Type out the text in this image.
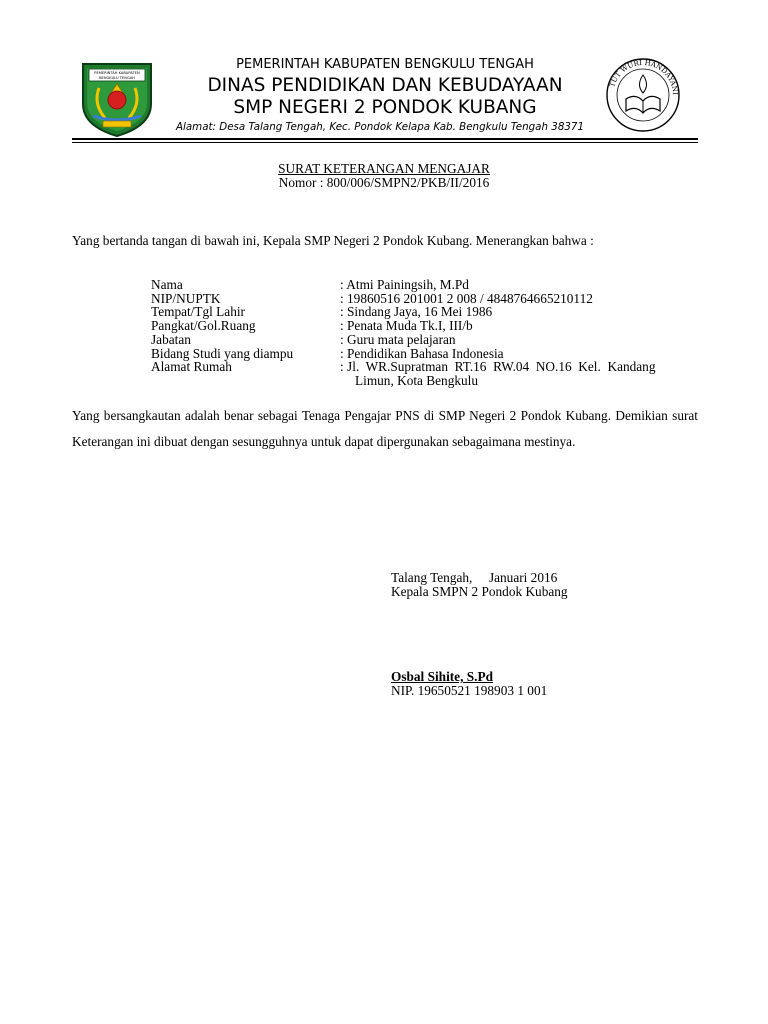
PEMERINTAH KABUPATEN
BENGKULU TENGAH
TUT WURI HANDAYANI
PEMERINTAH KABUPATEN BENGKULU TENGAH
DINAS PENDIDIKAN DAN KEBUDAYAAN
SMP NEGERI 2 PONDOK KUBANG
Alamat: Desa Talang Tengah, Kec. Pondok Kelapa Kab. Bengkulu Tengah 38371
SURAT KETERANGAN MENGAJAR
Nomor : 800/006/SMPN2/PKB/II/2016
Yang bertanda tangan di bawah ini, Kepala SMP Negeri 2 Pondok Kubang. Menerangkan bahwa :
Nama	: Atmi Painingsih, M.Pd
NIP/NUPTK	: 19860516 201001 2 008 / 4848764665210112
Tempat/Tgl Lahir	: Sindang Jaya, 16 Mei 1986
Pangkat/Gol.Ruang	: Penata Muda Tk.I, III/b
Jabatan	: Guru mata pelajaran
Bidang Studi yang diampu	: Pendidikan Bahasa Indonesia
Alamat Rumah	: Jl.  WR.Supratman  RT.16  RW.04  NO.16  Kel.  Kandang
Limun, Kota Bengkulu
Yang bersangkautan adalah benar sebagai Tenaga Pengajar PNS di SMP Negeri 2 Pondok Kubang. Demikian surat Keterangan ini dibuat dengan sesungguhnya untuk dapat dipergunakan sebagaimana mestinya.
Talang Tengah,     Januari 2016
Kepala SMPN 2 Pondok Kubang
Osbal Sihite, S.Pd
NIP. 19650521 198903 1 001
